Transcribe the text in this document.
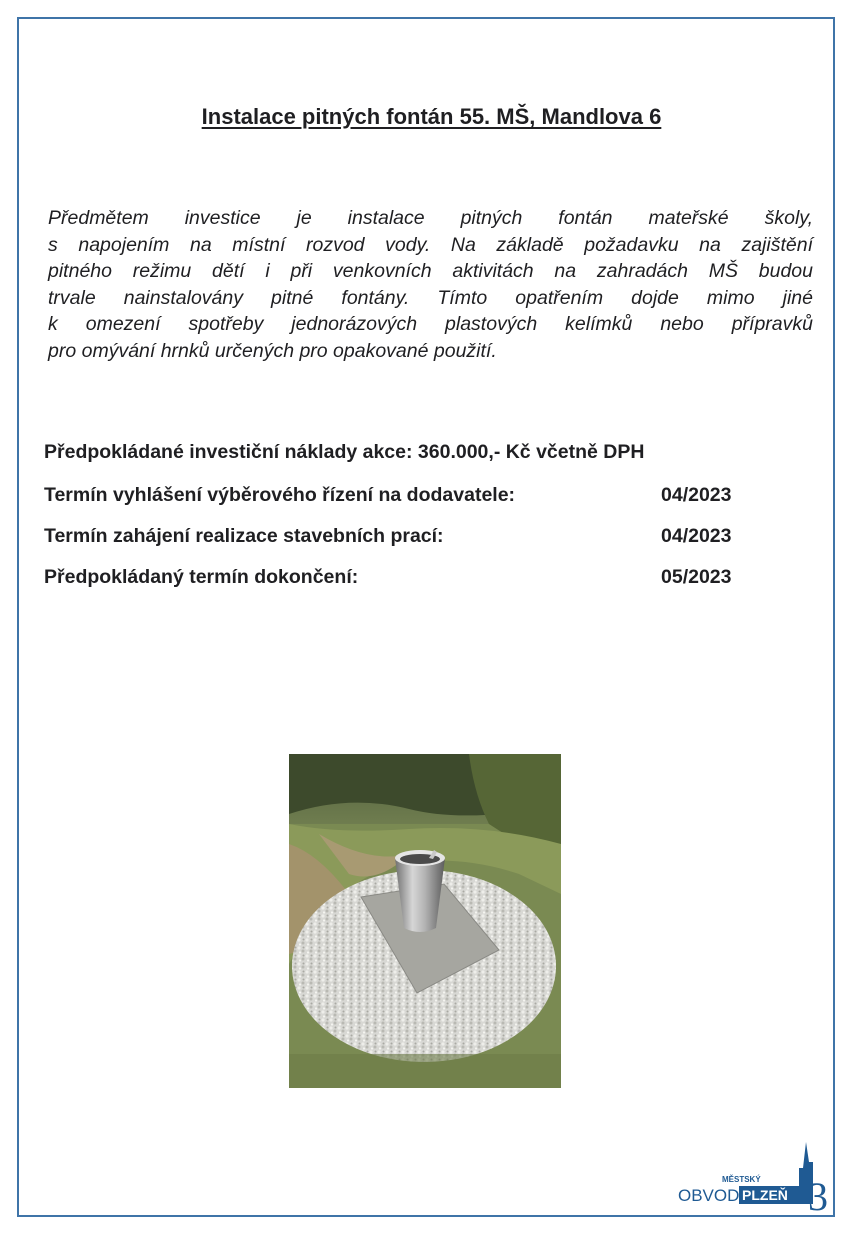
Instalace pitných fontán 55. MŠ, Mandlova 6
Předmětem investice je instalace pitných fontán mateřské školy,
s napojením na místní rozvod vody. Na základě požadavku na zajištění
pitného režimu dětí i při venkovních aktivitách na zahradách MŠ budou
trvale nainstalovány pitné fontány. Tímto opatřením dojde mimo jiné
k omezení spotřeby jednorázových plastových kelímků nebo přípravků
pro omývání hrnků určených pro opakované použití.
Předpokládané investiční náklady akce: 360.000,- Kč včetně DPH
Termín vyhlášení výběrového řízení na dodavatele:	04/2023
Termín zahájení realizace stavebních prací:	04/2023
Předpokládaný termín dokončení:	05/2023
MĚSTSKÝ
OBVOD PLZEŇ 3
